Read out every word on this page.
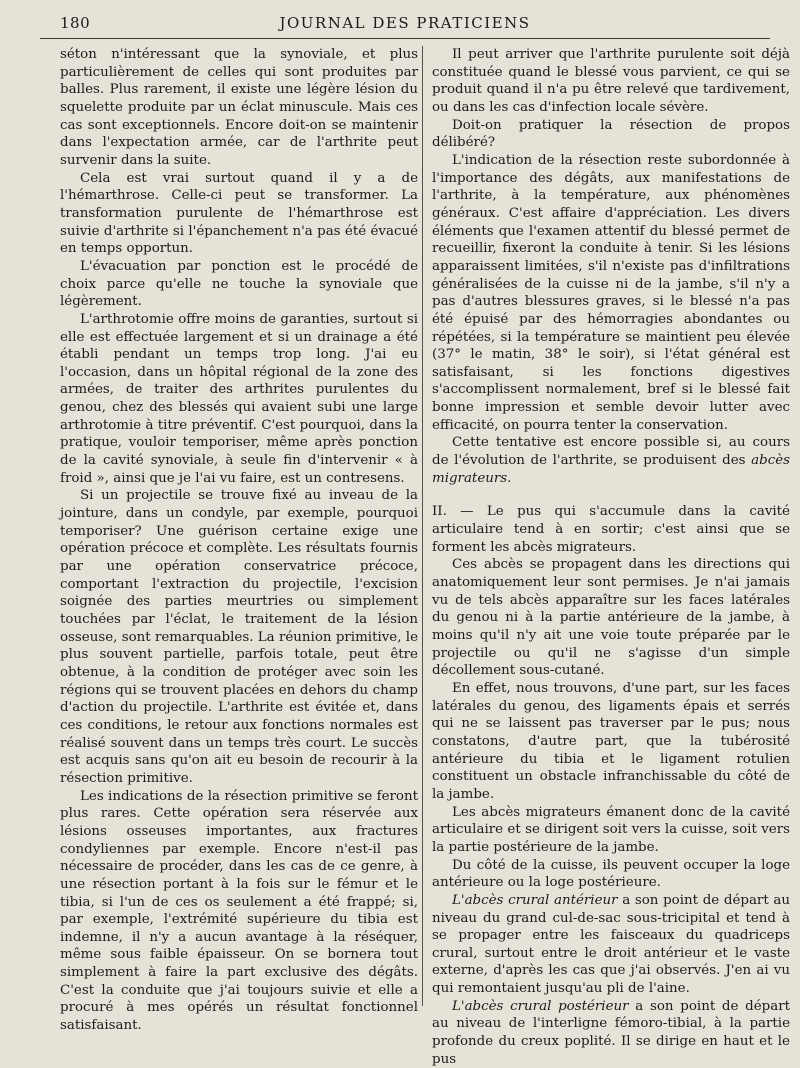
180	JOURNAL DES PRATICIENS

séton n'intéressant que la synoviale, et plus particulièrement de celles qui sont produites par balles. Plus rarement, il existe une légère lésion du squelette produite par un éclat minuscule. Mais ces cas sont exceptionnels. Encore doit-on se maintenir dans l'expectation armée, car de l'arthrite peut survenir dans la suite.

Cela est vrai surtout quand il y a de l'hémarthrose. Celle-ci peut se transformer. La transformation purulente de l'hémarthrose est suivie d'arthrite si l'épanchement n'a pas été évacué en temps opportun.

L'évacuation par ponction est le procédé de choix parce qu'elle ne touche la synoviale que légèrement.

L'arthrotomie offre moins de garanties, surtout si elle est effectuée largement et si un drainage a été établi pendant un temps trop long. J'ai eu l'occasion, dans un hôpital régional de la zone des armées, de traiter des arthrites purulentes du genou, chez des blessés qui avaient subi une large arthrotomie à titre préventif. C'est pourquoi, dans la pratique, vouloir temporiser, même après ponction de la cavité synoviale, à seule fin d'intervenir « à froid », ainsi que je l'ai vu faire, est un contresens.

Si un projectile se trouve fixé au inveau de la jointure, dans un condyle, par exemple, pourquoi temporiser? Une guérison certaine exige une opération précoce et complète. Les résultats fournis par une opération conservatrice précoce, comportant l'extraction du projectile, l'excision soignée des parties meurtries ou simplement touchées par l'éclat, le traitement de la lésion osseuse, sont remarquables. La réunion primitive, le plus souvent partielle, parfois totale, peut être obtenue, à la condition de protéger avec soin les régions qui se trouvent placées en dehors du champ d'action du projectile. L'arthrite est évitée et, dans ces conditions, le retour aux fonctions normales est réalisé souvent dans un temps très court. Le succès est acquis sans qu'on ait eu besoin de recourir à la résection primitive.

Les indications de la résection primitive se feront plus rares. Cette opération sera réservée aux lésions osseuses importantes, aux fractures condyliennes par exemple. Encore n'est-il pas nécessaire de procéder, dans les cas de ce genre, à une résection portant à la fois sur le fémur et le tibia, si l'un de ces os seulement a été frappé; si, par exemple, l'extrémité supérieure du tibia est indemne, il n'y a aucun avantage à la réséquer, même sous faible épaisseur. On se bornera tout simplement à faire la part exclusive des dégâts. C'est la conduite que j'ai toujours suivie et elle a procuré à mes opérés un résultat fonctionnel satisfaisant.

Il peut arriver que l'arthrite purulente soit déjà constituée quand le blessé vous parvient, ce qui se produit quand il n'a pu être relevé que tardivement, ou dans les cas d'infection locale sévère.

Doit-on pratiquer la résection de propos délibéré?

L'indication de la résection reste subordonnée à l'importance des dégâts, aux manifestations de l'arthrite, à la température, aux phénomènes généraux. C'est affaire d'appréciation. Les divers éléments que l'examen attentif du blessé permet de recueillir, fixeront la conduite à tenir. Si les lésions apparaissent limitées, s'il n'existe pas d'infiltrations généralisées de la cuisse ni de la jambe, s'il n'y a pas d'autres blessures graves, si le blessé n'a pas été épuisé par des hémorragies abondantes ou répétées, si la température se maintient peu élevée (37° le matin, 38° le soir), si l'état général est satisfaisant, si les fonctions digestives s'accomplissent normalement, bref si le blessé fait bonne impression et semble devoir lutter avec efficacité, on pourra tenter la conservation.

Cette tentative est encore possible si, au cours de l'évolution de l'arthrite, se produisent des abcès migrateurs.

II. — Le pus qui s'accumule dans la cavité articulaire tend à en sortir; c'est ainsi que se forment les abcès migrateurs.

Ces abcès se propagent dans les directions qui anatomiquement leur sont permises. Je n'ai jamais vu de tels abcès apparaître sur les faces latérales du genou ni à la partie antérieure de la jambe, à moins qu'il n'y ait une voie toute préparée par le projectile ou qu'il ne s'agisse d'un simple décollement sous-cutané.

En effet, nous trouvons, d'une part, sur les faces latérales du genou, des ligaments épais et serrés qui ne se laissent pas traverser par le pus; nous constatons, d'autre part, que la tubérosité antérieure du tibia et le ligament rotulien constituent un obstacle infranchissable du côté de la jambe.

Les abcès migrateurs émanent donc de la cavité articulaire et se dirigent soit vers la cuisse, soit vers la partie postérieure de la jambe.

Du côté de la cuisse, ils peuvent occuper la loge antérieure ou la loge postérieure.

L'abcès crural antérieur a son point de départ au niveau du grand cul-de-sac sous-tricipital et tend à se propager entre les faisceaux du quadriceps crural, surtout entre le droit antérieur et le vaste externe, d'après les cas que j'ai observés. J'en ai vu qui remontaient jusqu'au pli de l'aine.

L'abcès crural postérieur a son point de départ au niveau de l'interligne fémoro-tibial, à la partie profonde du creux poplité. Il se dirige en haut et le pus
